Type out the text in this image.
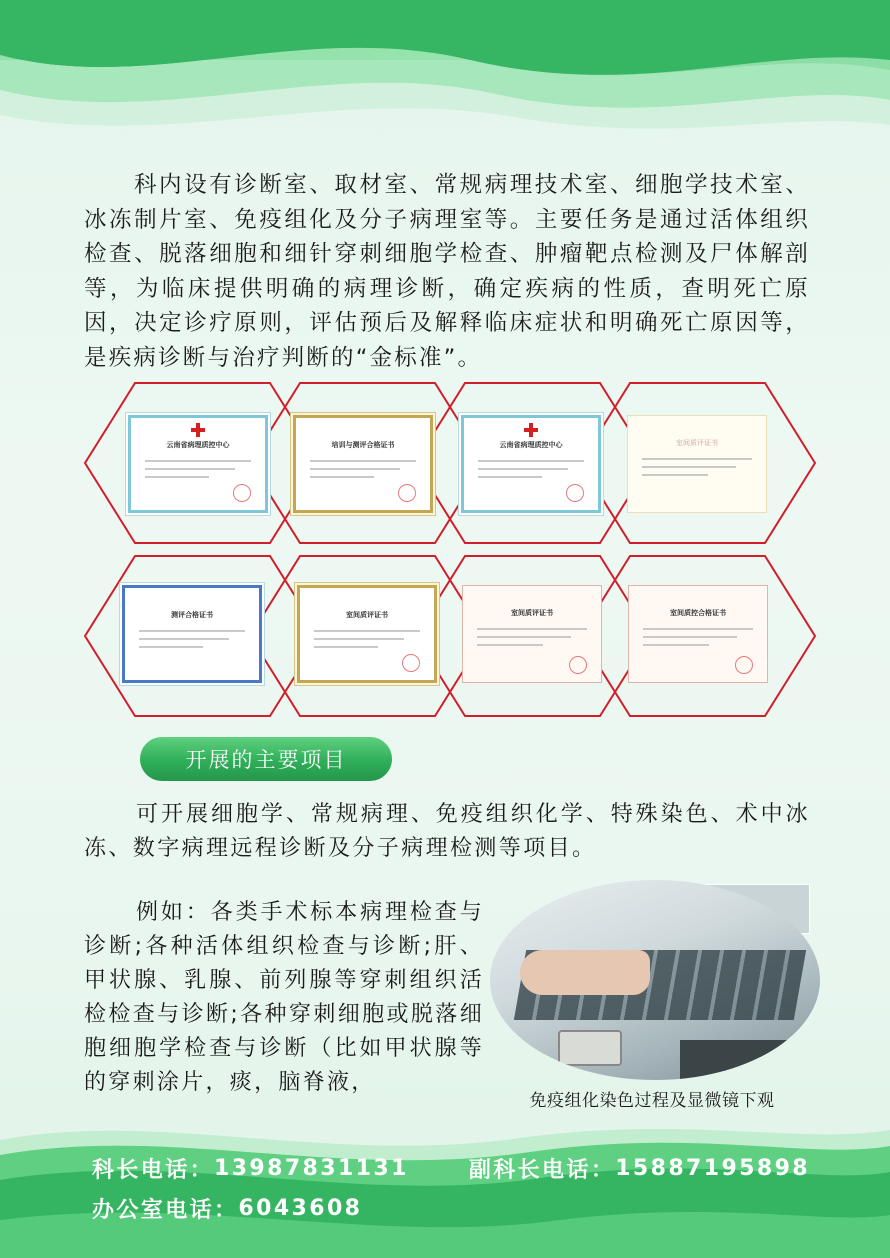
科内设有诊断室、取材室、常规病理技术室、细胞学技术室、冰冻制片室、免疫组化及分子病理室等。主要任务是通过活体组织检查、脱落细胞和细针穿刺细胞学检查、肿瘤靶点检测及尸体解剖等，为临床提供明确的病理诊断，确定疾病的性质，查明死亡原因，决定诊疗原则，评估预后及解释临床症状和明确死亡原因等，是疾病诊断与治疗判断的“金标准”。

云南省病理质控中心	培训与测评合格证书	云南省病理质控中心	室间质评证书
测评合格证书	室间质评证书	室间质评证书	室间质控合格证书
开展的主要项目

可开展细胞学、常规病理、免疫组织化学、特殊染色、术中冰冻、数字病理远程诊断及分子病理检测等项目。

例如：各类手术标本病理检查与诊断;各种活体组织检查与诊断;肝、甲状腺、乳腺、前列腺等穿刺组织活检检查与诊断;各种穿刺细胞或脱落细胞细胞学检查与诊断（比如甲状腺等的穿刺涂片，痰，脑脊液，

免疫组化染色过程及显微镜下观
科长电话： 13987831131	副科长电话： 15887195898
办公室电话： 6043608
